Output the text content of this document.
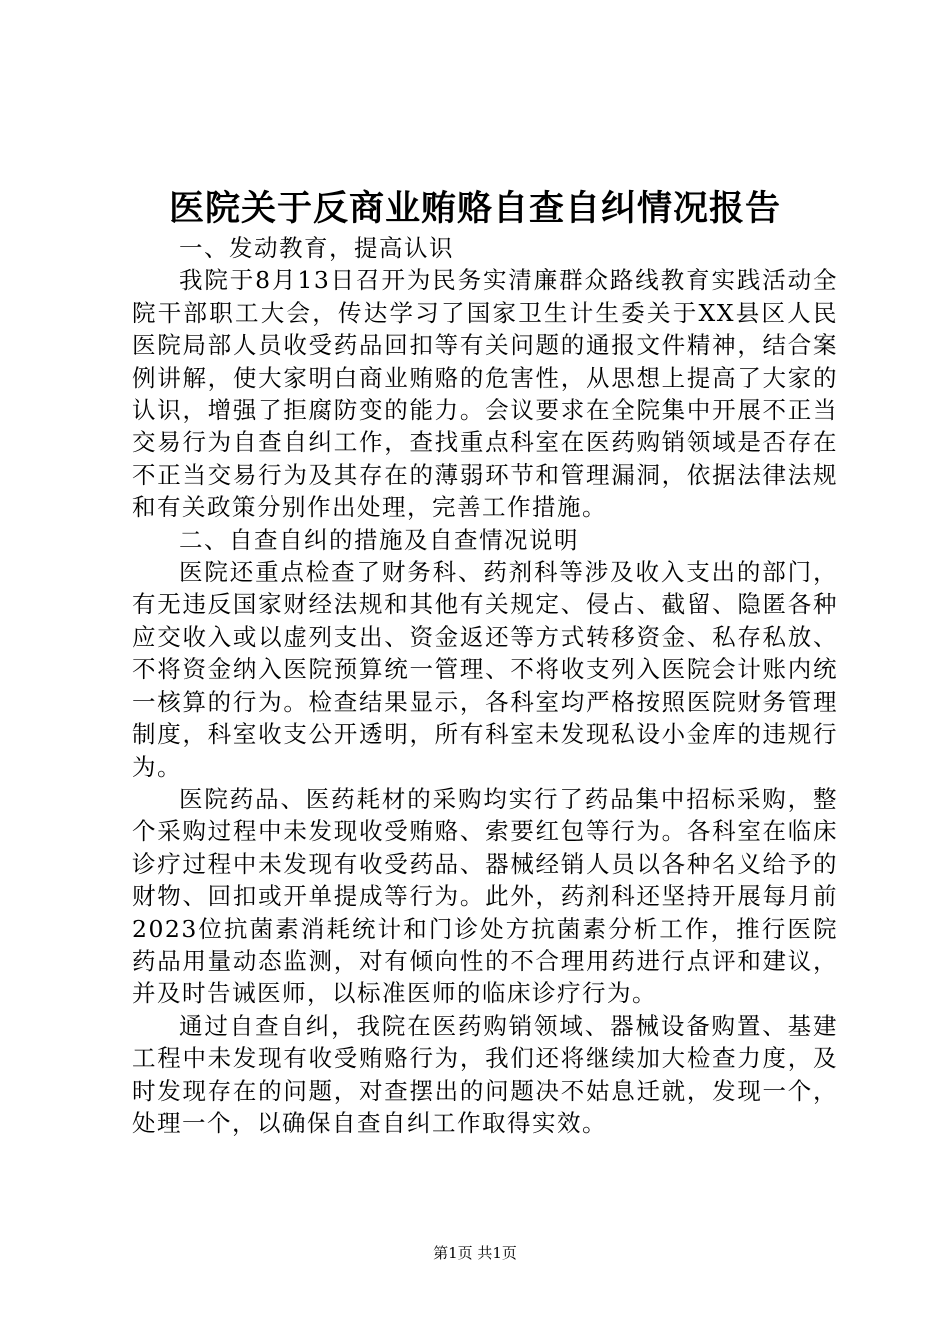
医院关于反商业贿赂自查自纠情况报告

一、发动教育，提高认识

我院于8月13日召开为民务实清廉群众路线教育实践活动全院干部职工大会，传达学习了国家卫生计生委关于XX县区人民医院局部人员收受药品回扣等有关问题的通报文件精神，结合案例讲解，使大家明白商业贿赂的危害性，从思想上提高了大家的认识，增强了拒腐防变的能力。会议要求在全院集中开展不正当交易行为自查自纠工作，查找重点科室在医药购销领域是否存在不正当交易行为及其存在的薄弱环节和管理漏洞，依据法律法规和有关政策分别作出处理，完善工作措施。

二、自查自纠的措施及自查情况说明

医院还重点检查了财务科、药剂科等涉及收入支出的部门，有无违反国家财经法规和其他有关规定、侵占、截留、隐匿各种应交收入或以虚列支出、资金返还等方式转移资金、私存私放、不将资金纳入医院预算统一管理、不将收支列入医院会计账内统一核算的行为。检查结果显示，各科室均严格按照医院财务管理制度，科室收支公开透明，所有科室未发现私设小金库的违规行为。

医院药品、医药耗材的采购均实行了药品集中招标采购，整个采购过程中未发现收受贿赂、索要红包等行为。各科室在临床诊疗过程中未发现有收受药品、器械经销人员以各种名义给予的财物、回扣或开单提成等行为。此外，药剂科还坚持开展每月前2023位抗菌素消耗统计和门诊处方抗菌素分析工作，推行医院药品用量动态监测，对有倾向性的不合理用药进行点评和建议，并及时告诫医师，以标准医师的临床诊疗行为。

通过自查自纠，我院在医药购销领域、器械设备购置、基建工程中未发现有收受贿赂行为，我们还将继续加大检查力度，及时发现存在的问题，对查摆出的问题决不姑息迁就，发现一个，处理一个，以确保自查自纠工作取得实效。

第1页 共1页
